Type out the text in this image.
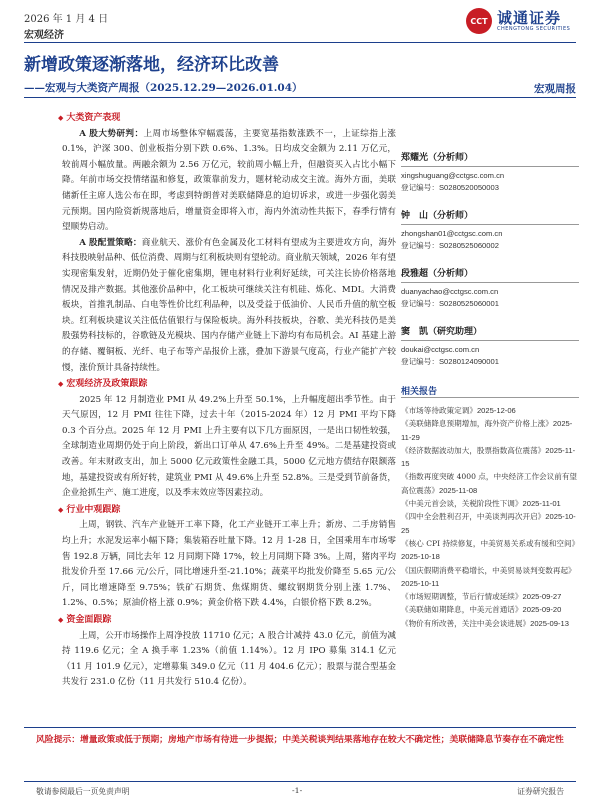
2026 年 1 月 4 日
宏观经济
CCT 诚通证券
CHENGTONG SECURITIES
新增政策逐渐落地，经济环比改善
——宏观与大类资产周报（2025.12.29—2026.01.04）	宏观周报
◆ 大类资产表现

A 股大势研判：上周市场整体窄幅震荡，主要宽基指数涨跌不一，上证综指上涨 0.1%，沪深 300、创业板指分别下跌 0.6%、1.3%。日均成交金额为 2.11 万亿元，较前周小幅放量。两融余额为 2.56 万亿元，较前周小幅上升，但融资买入占比小幅下降。年前市场交投情绪温和修复，政策靠前发力，题材轮动成交主流。海外方面，美联储新任主席人选公布在即，考虑到特朗普对美联储降息的迫切诉求，或进一步强化弱美元预期。国内险资新规落地后，增量资金即将入市，海内外流动性共振下，春季行情有望顺势启动。

A 股配置策略：商业航天、涨价有色金属及化工材料有望成为主要进攻方向，海外科技股映射品种、低位消费、周期与红利板块则有望轮动。商业航天领域，2026 年有望实现密集发射，近期仍处于催化密集期，锂电材料行业利好延续，可关注长协价格落地情况及排产数据。其他涨价品种中，化工板块可继续关注有机硅、炼化、MDI。大消费板块，首推乳制品、白电等性价比红利品种，以及受益于低油价、人民币升值的航空板块。红利板块建议关注低估值银行与保险板块。海外科技板块，谷歌、美光科技仍是美股强势科技标的，谷歌链及光模块、国内存储产业链上下游均有布局机会。AI 基建上游的存储、覆铜板、光纤、电子布等产品报价上涨，叠加下游景气度高，行业产能扩产较慢，涨价预计具备持续性。

◆ 宏观经济及政策跟踪

2025 年 12 月制造业 PMI 从 49.2%上升至 50.1%，上升幅度超出季节性。由于天气原因，12 月 PMI 往往下降，过去十年（2015-2024 年）12 月 PMI 平均下降 0.3 个百分点。2025 年 12 月 PMI 上升主要有以下几方面原因，一是出口韧性较强，全球制造业周期仍处于向上阶段，新出口订单从 47.6%上升至 49%。二是基建投资或改善。年末财政支出，加上 5000 亿元政策性金融工具，5000 亿元地方债结存限额落地，基建投资或有所好转，建筑业 PMI 从 49.6%上升至 52.8%。三是受到节前备货，企业抢抓生产、施工进度，以及季末效应等因素拉动。

◆ 行业中观跟踪

上周，钢铁、汽车产业链开工率下降，化工产业链开工率上升；新房、二手房销售均上升；水泥发运率小幅下降；集装箱吞吐量下降。12 月 1-28 日，全国乘用车市场零售 192.8 万辆，同比去年 12 月同期下降 17%，较上月同期下降 3%。上周，猪肉平均批发价升至 17.66 元/公斤，同比增速升至-21.10%；蔬菜平均批发价降至 5.65 元/公斤，同比增速降至 9.75%；铁矿石期货、焦煤期货、螺纹钢期货分别上涨 1.7%、1.2%、0.5%；原油价格上涨 0.9%；黄金价格下跌 4.4%，白银价格下跌 8.2%。

◆ 资金面跟踪

上周，公开市场操作上周净投放 11710 亿元；A 股合计减持 43.0 亿元，前值为减持 119.6 亿元；全 A 换手率 1.23%（前值 1.14%）。12 月 IPO 募集 314.1 亿元（11 月 101.9 亿元），定增募集 349.0 亿元（11 月 404.6 亿元）；股票与混合型基金共发行 231.0 亿份（11 月共发行 510.4 亿份）。

郑耀光（分析师）
xingshuguang@cctgsc.com.cn
登记编号：S0280520050003
钟　山（分析师）
zhongshan01@cctgsc.com.cn
登记编号：S0280525060002
段雅超（分析师）
duanyachao@cctgsc.com.cn
登记编号：S0280525060001
窦　凯（研究助理）
doukai@cctgsc.com.cn
登记编号：S0280124090001
相关报告
《市场等待政策定调》2025-12-06
《美联储降息预期增加，海外资产价格上涨》2025-11-29
《经济数据波动加大，股票指数高位震荡》2025-11-15
《指数再度突破 4000 点，中央经济工作会议前有望高位震荡》2025-11-08
《中美元首会谈，关税阶段性下调》2025-11-01
《四中全会胜利召开，中美谈判再次开启》2025-10-25
《核心 CPI 持续修复，中美贸易关系或有缓和空间》2025-10-18
《国庆假期消费平稳增长，中美贸易谈判变数再起》2025-10-11
《市场短期调整，节后行情或延续》2025-09-27
《美联储如期降息，中美元首通话》2025-09-20
《物价有所改善，关注中美会谈进展》2025-09-13
风险提示：增量政策或低于预期；房地产市场有待进一步提振；中美关税谈判结果落地存在较大不确定性；美联储降息节奏存在不确定性
敬请参阅最后一页免责声明	-1-	证券研究报告
